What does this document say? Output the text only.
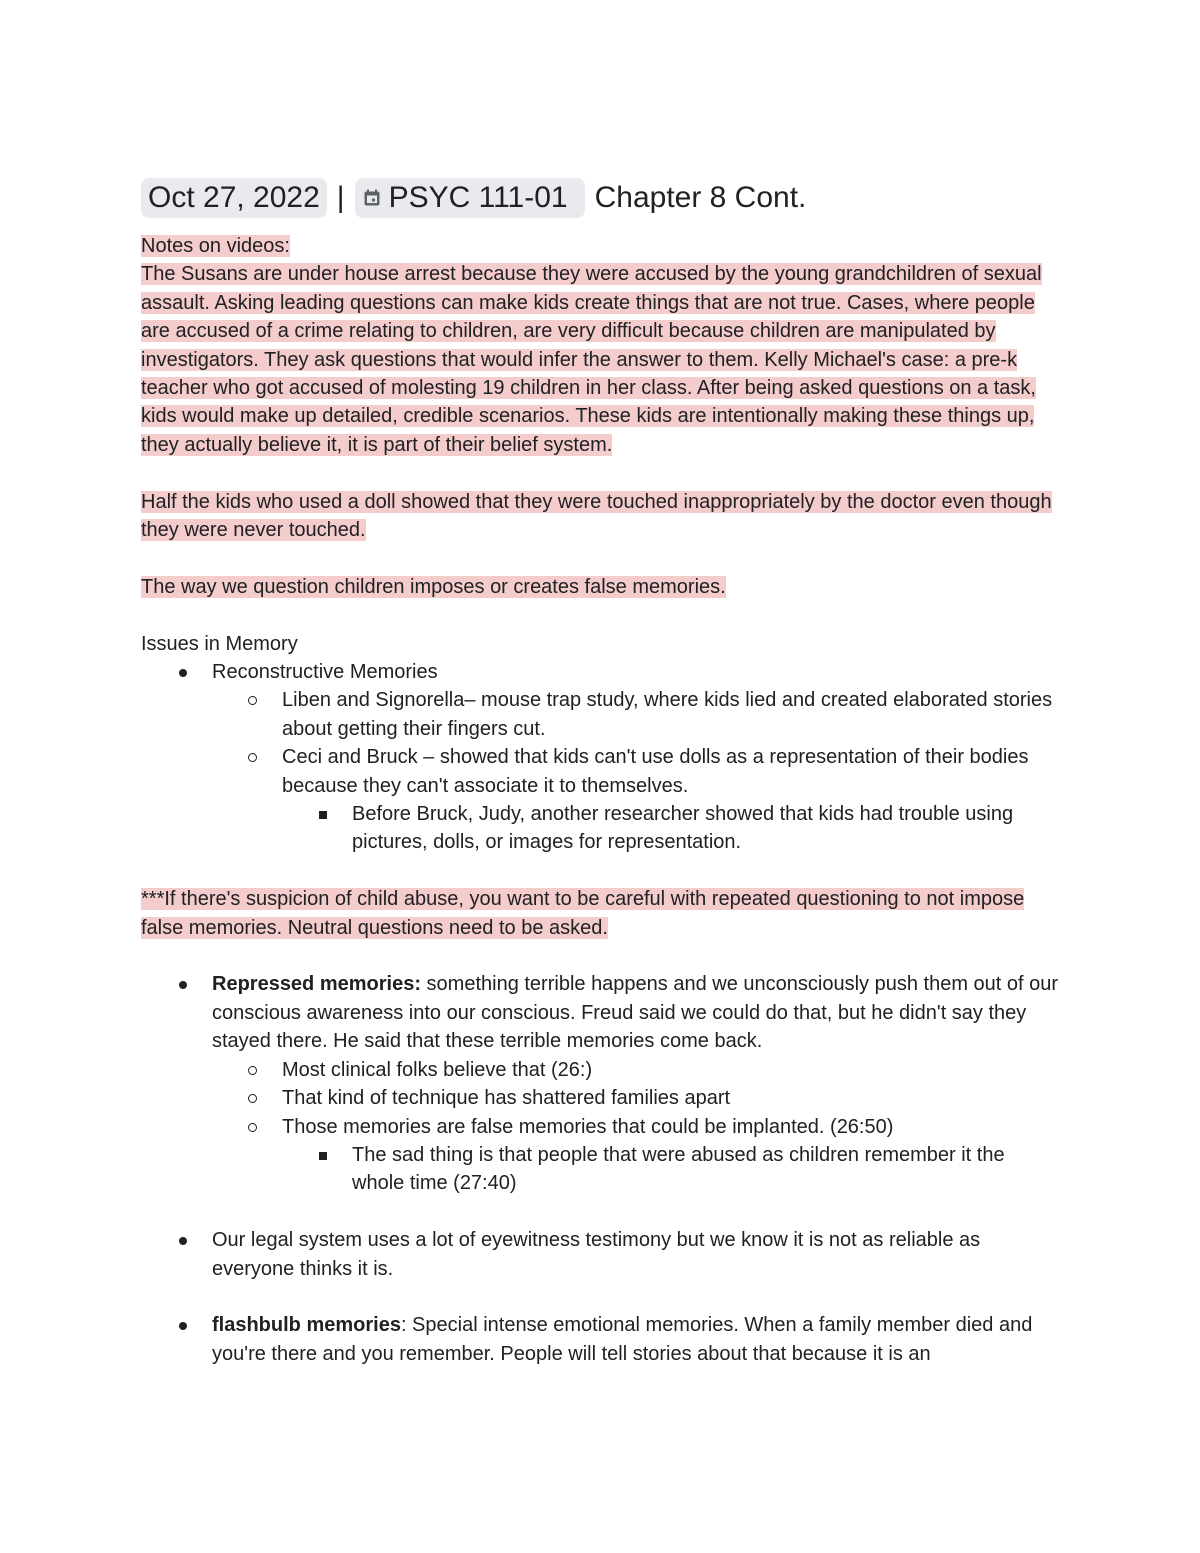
Oct 27, 2022 | PSYC 111-01 Chapter 8 Cont.

Notes on videos:
The Susans are under house arrest because they were accused by the young grandchildren of sexual assault. Asking leading questions can make kids create things that are not true. Cases, where people are accused of a crime relating to children, are very difficult because children are manipulated by investigators. They ask questions that would infer the answer to them. Kelly Michael's case: a pre-k teacher who got accused of molesting 19 children in her class. After being asked questions on a task, kids would make up detailed, credible scenarios. These kids are intentionally making these things up, they actually believe it, it is part of their belief system.

Half the kids who used a doll showed that they were touched inappropriately by the doctor even though they were never touched.

The way we question children imposes or creates false memories.

Issues in Memory

Reconstructive Memories
Liben and Signorella– mouse trap study, where kids lied and created elaborated stories about getting their fingers cut.
Ceci and Bruck – showed that kids can't use dolls as a representation of their bodies because they can't associate it to themselves.
Before Bruck, Judy, another researcher showed that kids had trouble using pictures, dolls, or images for representation.

***If there's suspicion of child abuse, you want to be careful with repeated questioning to not impose false memories. Neutral questions need to be asked.

Repressed memories: something terrible happens and we unconsciously push them out of our conscious awareness into our conscious. Freud said we could do that, but he didn't say they stayed there. He said that these terrible memories come back.
Most clinical folks believe that (26:)
That kind of technique has shattered families apart
Those memories are false memories that could be implanted. (26:50)
The sad thing is that people that were abused as children remember it the whole time (27:40)
Our legal system uses a lot of eyewitness testimony but we know it is not as reliable as everyone thinks it is.
flashbulb memories: Special intense emotional memories. When a family member died and you're there and you remember. People will tell stories about that because it is an
